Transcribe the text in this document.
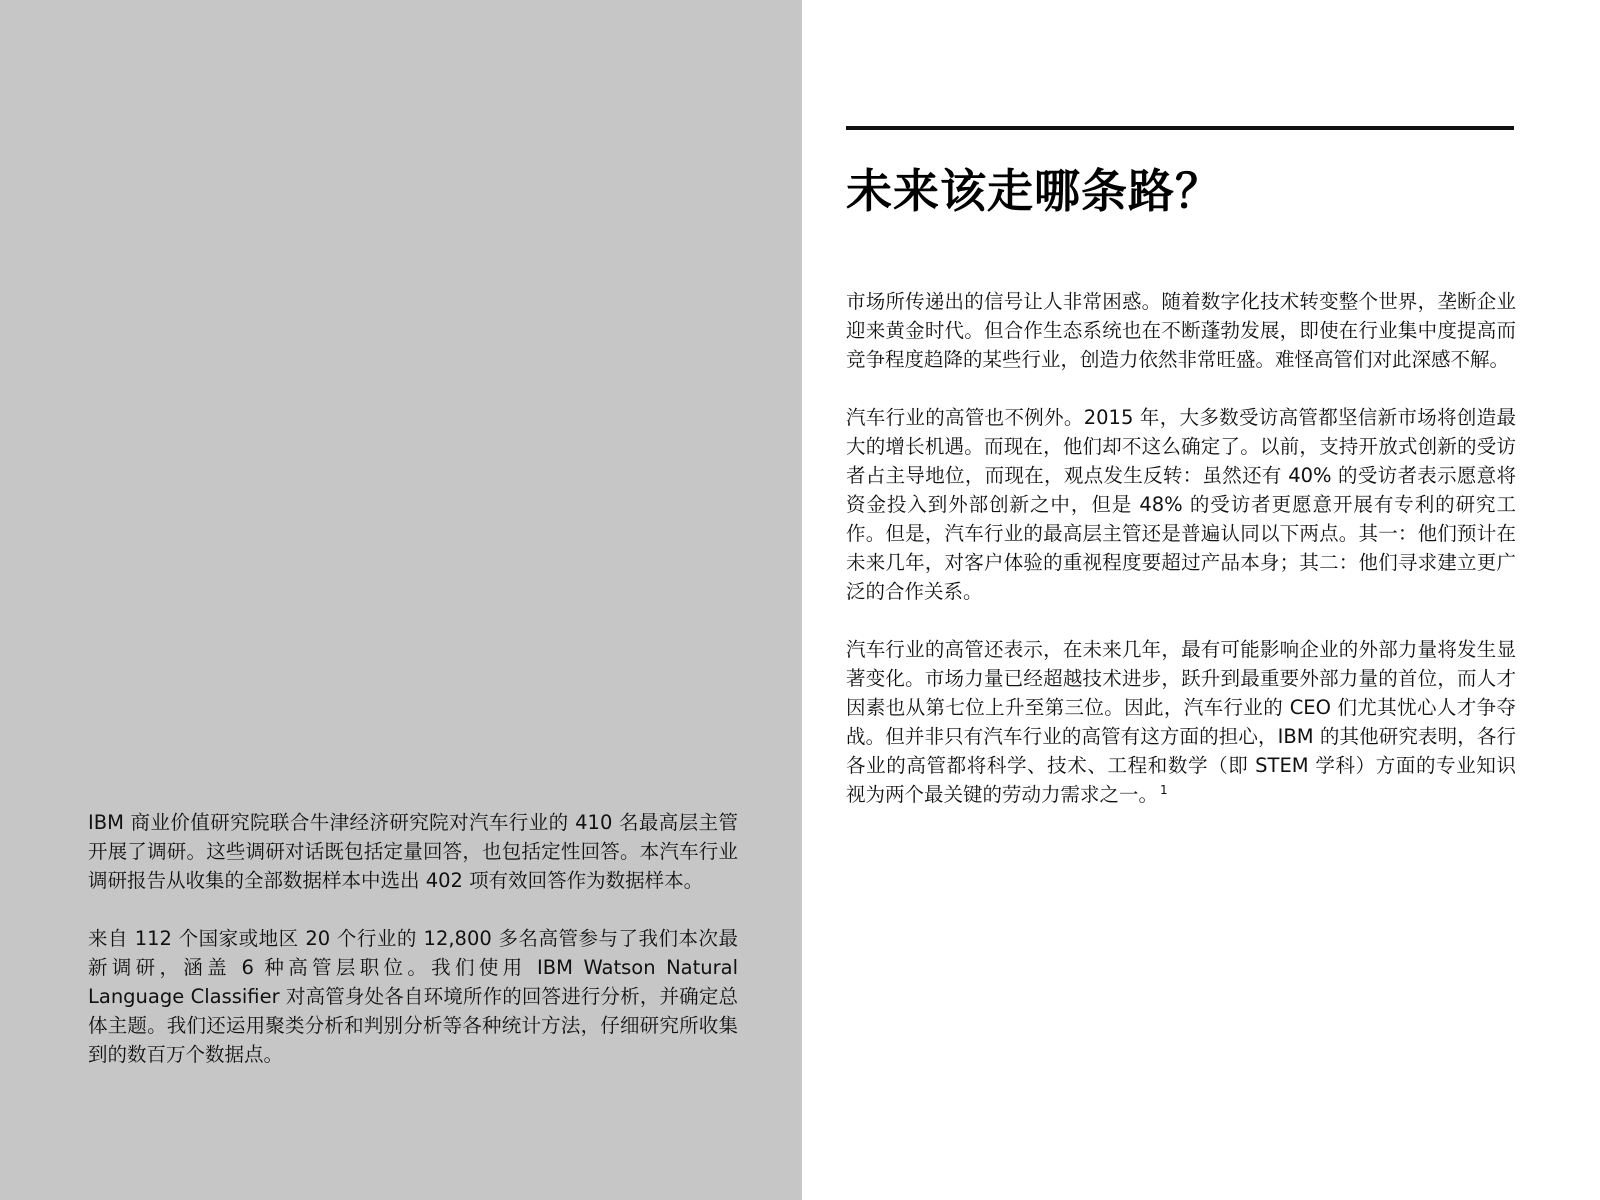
IBM 商业价值研究院联合牛津经济研究院对汽车行业的 410 名最高层主管开展了调研。这些调研对话既包括定量回答，也包括定性回答。本汽车行业调研报告从收集的全部数据样本中选出 402 项有效回答作为数据样本。

来自 112 个国家或地区 20 个行业的 12,800 多名高管参与了我们本次最新调研，涵盖 6 种高管层职位。我们使用 IBM Watson Natural Language Classifier 对高管身处各自环境所作的回答进行分析，并确定总体主题。我们还运用聚类分析和判别分析等各种统计方法，仔细研究所收集到的数百万个数据点。

未来该走哪条路？

市场所传递出的信号让人非常困惑。随着数字化技术转变整个世界，垄断企业迎来黄金时代。但合作生态系统也在不断蓬勃发展，即使在行业集中度提高而竞争程度趋降的某些行业，创造力依然非常旺盛。难怪高管们对此深感不解。

汽车行业的高管也不例外。2015 年，大多数受访高管都坚信新市场将创造最大的增长机遇。而现在，他们却不这么确定了。以前，支持开放式创新的受访者占主导地位，而现在，观点发生反转：虽然还有 40% 的受访者表示愿意将资金投入到外部创新之中，但是 48% 的受访者更愿意开展有专利的研究工作。但是，汽车行业的最高层主管还是普遍认同以下两点。其一：他们预计在未来几年，对客户体验的重视程度要超过产品本身；其二：他们寻求建立更广泛的合作关系。

汽车行业的高管还表示，在未来几年，最有可能影响企业的外部力量将发生显著变化。市场力量已经超越技术进步，跃升到最重要外部力量的首位，而人才因素也从第七位上升至第三位。因此，汽车行业的 CEO 们尤其忧心人才争夺战。但并非只有汽车行业的高管有这方面的担心，IBM 的其他研究表明，各行各业的高管都将科学、技术、工程和数学（即 STEM 学科）方面的专业知识视为两个最关键的劳动力需求之一。 $^1$
